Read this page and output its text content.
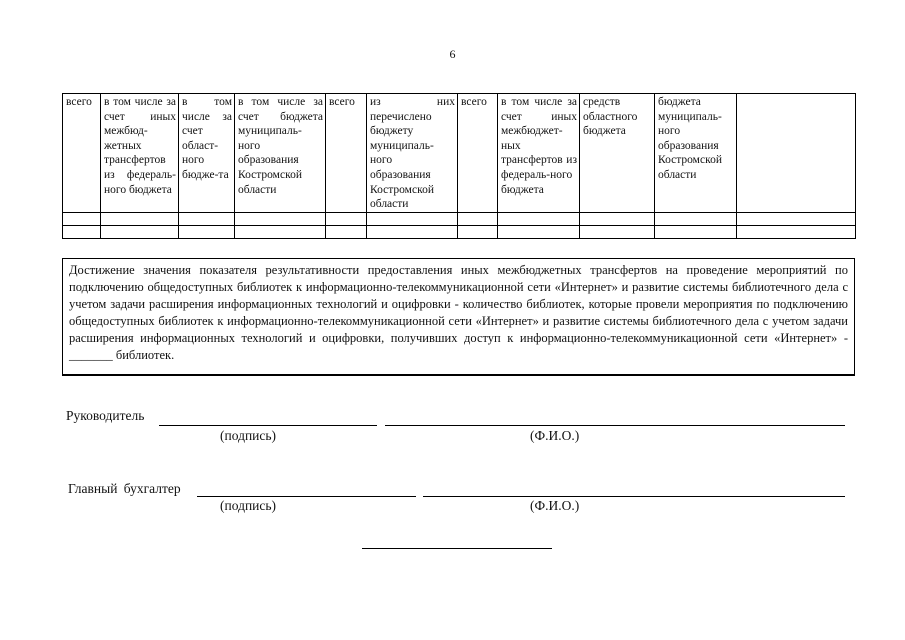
6
всего	в том числе за счет иных межбюд-жетных трансфертов из федераль-ного бюджета	в том числе за счет област-ного бюдже-та	в том числе за счет бюджета муниципаль-ного образования Костромской области	всего	из них перечислено бюджету муниципаль-ного образования Костромской области	всего	в том числе за счет иных межбюджет-ных трансфертов из федераль-ного бюджета	средств областного бюджета	бюджета муниципаль-ного образования Костромской области	

Достижение значения показателя результативности предоставления иных межбюджетных трансфертов на проведение мероприятий по подключению общедоступных библиотек к информационно-телекоммуникационной сети «Интернет» и развитие системы библиотечного дела с учетом задачи расширения информационных технологий и оцифровки - количество библиотек, которые провели мероприятия по подключению общедоступных библиотек к информационно-телекоммуникационной сети «Интернет» и развитие системы библиотечного дела с учетом задачи расширения информационных технологий и оцифровки, получивших доступ к информационно-телекоммуникационной сети «Интернет» - _______ библиотек.

Руководитель
(подпись)	(Ф.И.О.)
Главный бухгалтер
(подпись)	(Ф.И.О.)
